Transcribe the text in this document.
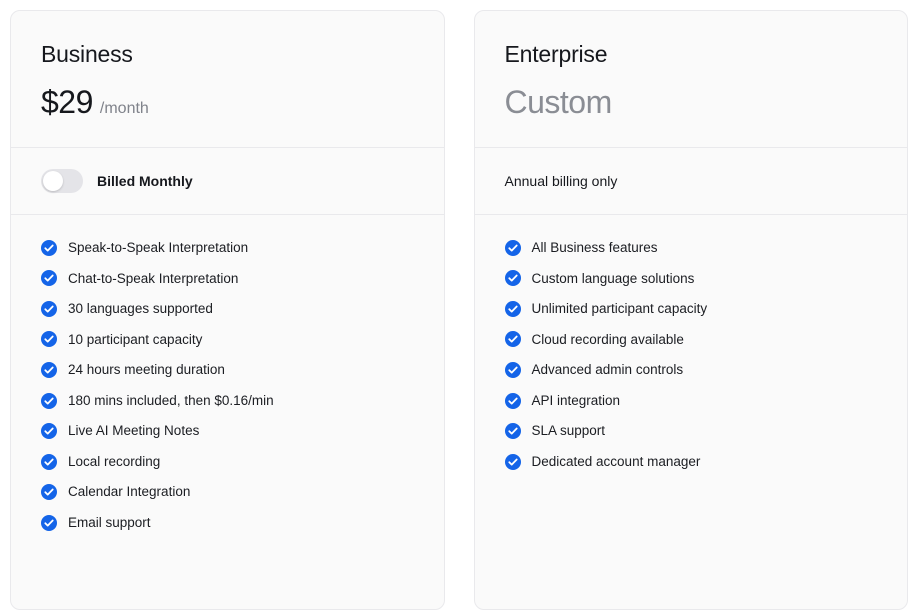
Business
$29 /month
Billed Monthly
Speak-to-Speak Interpretation
Chat-to-Speak Interpretation
30 languages supported
10 participant capacity
24 hours meeting duration
180 mins included, then $0.16/min
Live AI Meeting Notes
Local recording
Calendar Integration
Email support
Enterprise
Custom
Annual billing only
All Business features
Custom language solutions
Unlimited participant capacity
Cloud recording available
Advanced admin controls
API integration
SLA support
Dedicated account manager
